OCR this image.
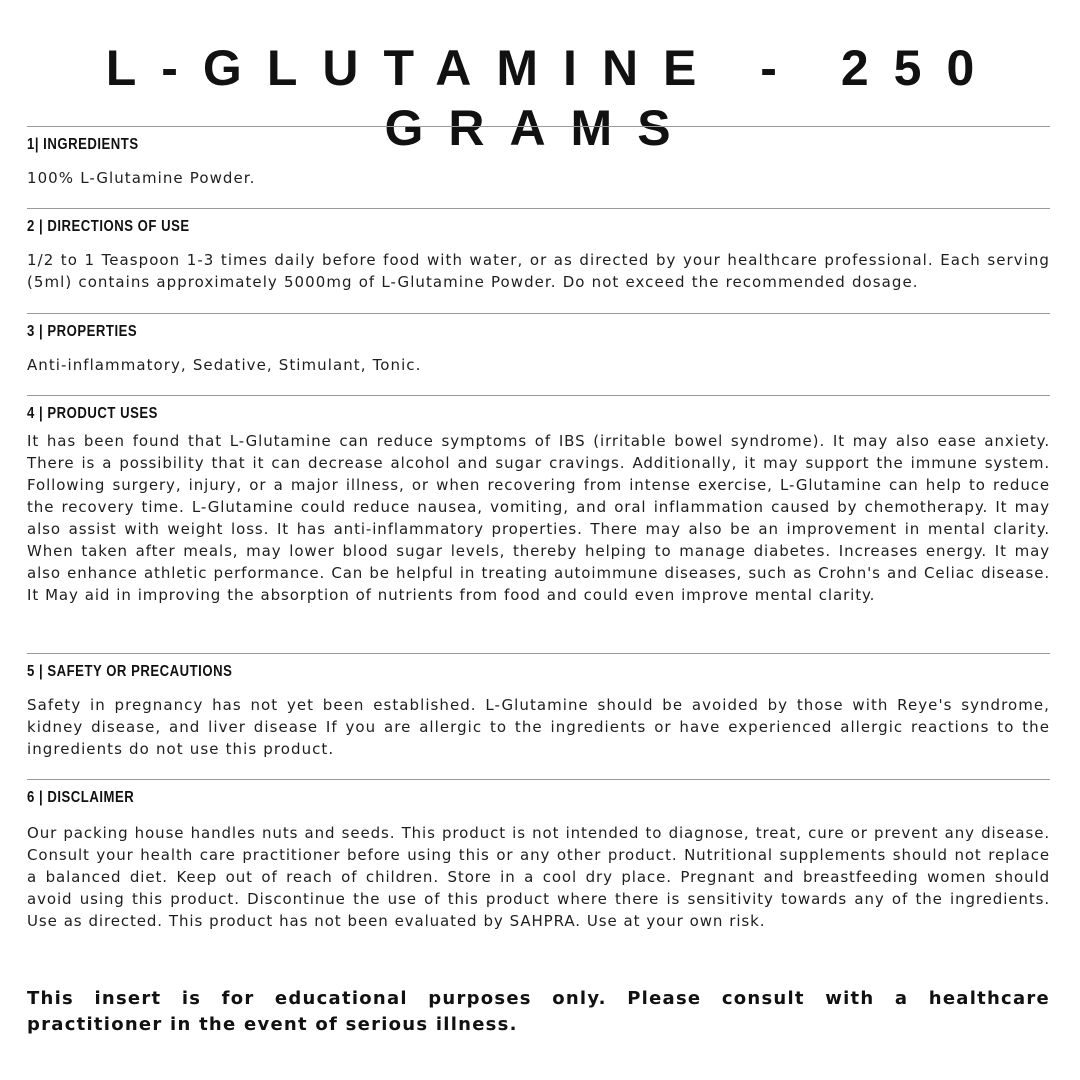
L-GLUTAMINE - 250 GRAMS
1| INGREDIENTS

100% L-Glutamine Powder.

2 | DIRECTIONS OF USE

1/2 to 1 Teaspoon 1-3 times daily before food with water, or as directed by your healthcare professional. Each serving (5ml) contains approximately 5000mg of L-Glutamine Powder. Do not exceed the recommended dosage.

3 | PROPERTIES

Anti-inflammatory, Sedative, Stimulant, Tonic.

4 | PRODUCT USES

It has been found that L-Glutamine can reduce symptoms of IBS (irritable bowel syndrome). It may also ease anxiety. There is a possibility that it can decrease alcohol and sugar cravings. Additionally, it may support the immune system. Following surgery, injury, or a major illness, or when recovering from intense exercise, L-Glutamine can help to reduce the recovery time. L-Glutamine could reduce nausea, vomiting, and oral inflammation caused by chemotherapy. It may also assist with weight loss. It has anti-inflammatory properties. There may also be an improvement in mental clarity. When taken after meals, may lower blood sugar levels, thereby helping to manage diabetes. Increases energy. It may also enhance athletic performance. Can be helpful in treating autoimmune diseases, such as Crohn's and Celiac disease. It May aid in improving the absorption of nutrients from food and could even improve mental clarity.

5 | SAFETY OR PRECAUTIONS

Safety in pregnancy has not yet been established. L-Glutamine should be avoided by those with Reye's syndrome, kidney disease, and liver disease If you are allergic to the ingredients or have experienced allergic reactions to the ingredients do not use this product.

6 | DISCLAIMER

Our packing house handles nuts and seeds. This product is not intended to diagnose, treat, cure or prevent any disease. Consult your health care practitioner before using this or any other product. Nutritional supplements should not replace a balanced diet. Keep out of reach of children. Store in a cool dry place. Pregnant and breastfeeding women should avoid using this product. Discontinue the use of this product where there is sensitivity towards any of the ingredients. Use as directed. This product has not been evaluated by SAHPRA. Use at your own risk.

This insert is for educational purposes only. Please consult with a healthcare practitioner in the event of serious illness.
